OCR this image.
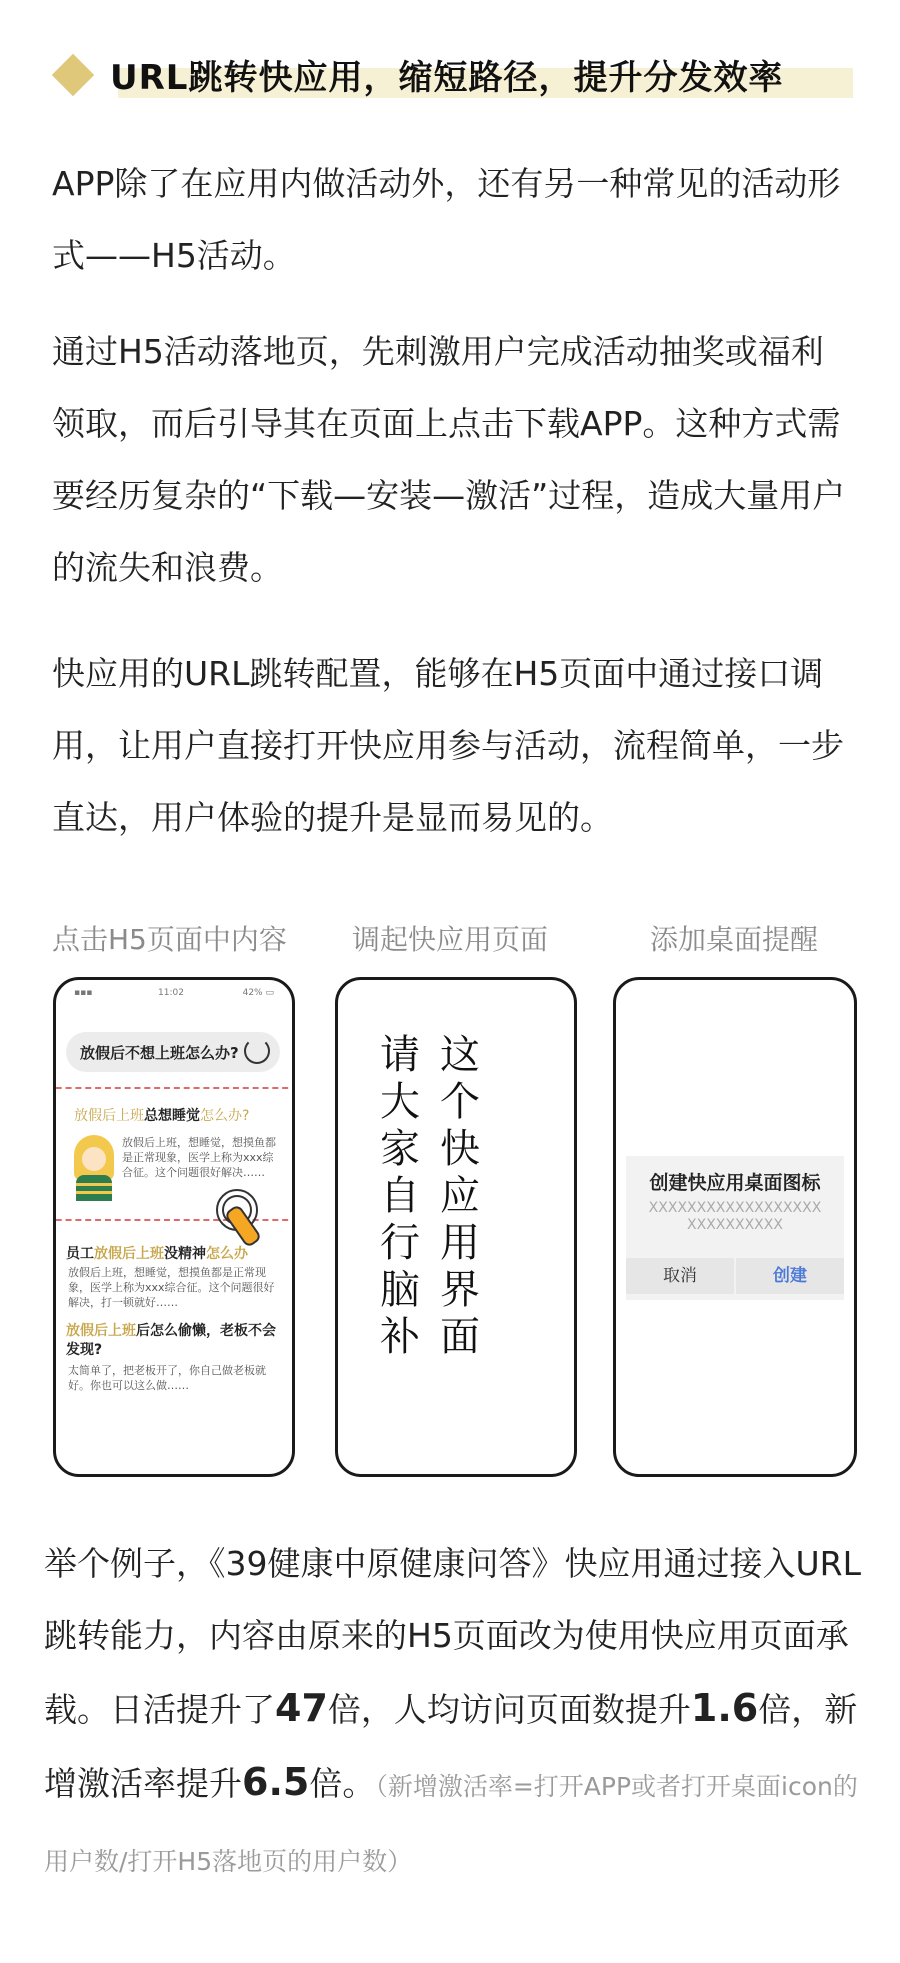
URL跳转快应用，缩短路径，提升分发效率

APP除了在应用内做活动外，还有另一种常见的活动形式——H5活动。

通过H5活动落地页，先刺激用户完成活动抽奖或福利领取，而后引导其在页面上点击下载APP。这种方式需要经历复杂的“下载—安装—激活”过程，造成大量用户的流失和浪费。

快应用的URL跳转配置，能够在H5页面中通过接口调用，让用户直接打开快应用参与活动，流程简单，一步直达，用户体验的提升是显而易见的。

点击H5页面中内容 调起快应用页面	添加桌面提醒
▪▪▪	11:02	42% ▭
放假后不想上班怎么办?
放假后上班总想睡觉怎么办?
放假后上班，想睡觉，想摸鱼都是正常现象，医学上称为xxx综合征。这个问题很好解决……
员工放假后上班没精神怎么办
放假后上班，想睡觉，想摸鱼都是正常现象，医学上称为xxx综合征。这个问题很好解决，打一顿就好……
放假后上班后怎么偷懒，老板不会发现?
太简单了，把老板开了，你自己做老板就好。你也可以这么做……
这个快应用界面
请大家自行脑补
创建快应用桌面图标
XXXXXXXXXXXXXXXXXXXXXXXXXXXX
取消	创建

举个例子，《39健康中原健康问答》快应用通过接入URL跳转能力，内容由原来的H5页面改为使用快应用页面承载。日活提升了47倍，人均访问页面数提升1.6倍，新增激活率提升6.5倍。（新增激活率=打开APP或者打开桌面icon的用户数/打开H5落地页的用户数）
